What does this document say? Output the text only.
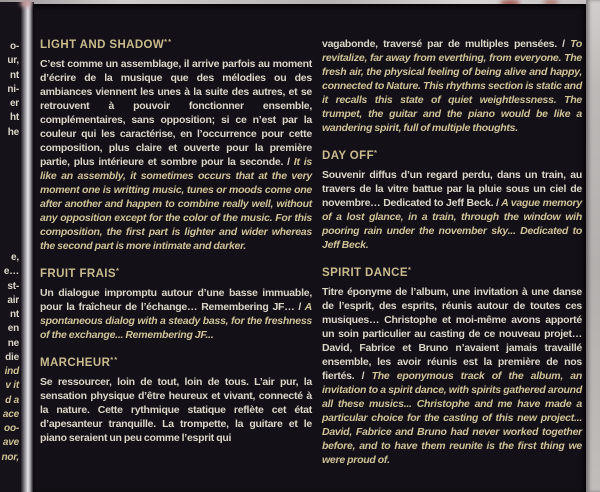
o-
ur,
nt
ni-
er
ht
he
e,
e…
st-
air
nt
en
ne
die
ind
v it
d a
ace
oo-
ave
nor,
LIGHT AND SHADOW**

C’est comme un assemblage, il arrive parfois au moment d’écrire de la musique que des mélodies ou des ambiances viennent les unes à la suite des autres, et se retrouvent à pouvoir fonctionner ensemble, complémentaires, sans opposition; si ce n’est par la couleur qui les caractérise, en l’occurrence pour cette composition, plus claire et ouverte pour la première partie, plus intérieure et sombre pour la seconde. / It is like an assembly, it sometimes occurs that at the very moment one is writting music, tunes or moods come one after another and happen to combine really well, without any opposition except for the color of the music. For this composition, the first part is lighter and wider whereas the second part is more intimate and darker.

FRUIT FRAIS*

Un dialogue impromptu autour d’une basse immuable, pour la fraîcheur de l’échange… Remembering JF… / A spontaneous dialog with a steady bass, for the freshness of the exchange... Remembering JF...

MARCHEUR**

Se ressourcer, loin de tout, loin de tous. L’air pur, la sensation physique d’être heureux et vivant, connecté à la nature. Cette rythmique statique reflète cet état d’apesanteur tranquille. La trompette, la guitare et le piano seraient un peu comme l’esprit qui

vagabonde, traversé par de multiples pensées. / To revitalize, far away from everthing, from everyone. The fresh air, the physical feeling of being alive and happy, connected to Nature. This rhythms section is static and it recalls this state of quiet weightlessness. The trumpet, the guitar and the piano would be like a wandering spirit, full of multiple thoughts.

DAY OFF*

Souvenir diffus d’un regard perdu, dans un train, au travers de la vitre battue par la pluie sous un ciel de novembre… Dedicated to Jeff Beck. / A vague memory of a lost glance, in a train, through the window wih pooring rain under the november sky... Dedicated to Jeff Beck.

SPIRIT DANCE*

Titre éponyme de l’album, une invitation à une danse de l’esprit, des esprits, réunis autour de toutes ces musiques… Christophe et moi-même avons apporté un soin particulier au casting de ce nouveau projet… David, Fabrice et Bruno n’avaient jamais travaillé ensemble, les avoir réunis est la première de nos fiertés. / The eponymous track of the album, an invitation to a spirit dance, with spirits gathered around all these musics... Christophe and me have made a particular choice for the casting of this new project... David, Fabrice and Bruno had never worked together before, and to have them reunite is the first thing we were proud of.
